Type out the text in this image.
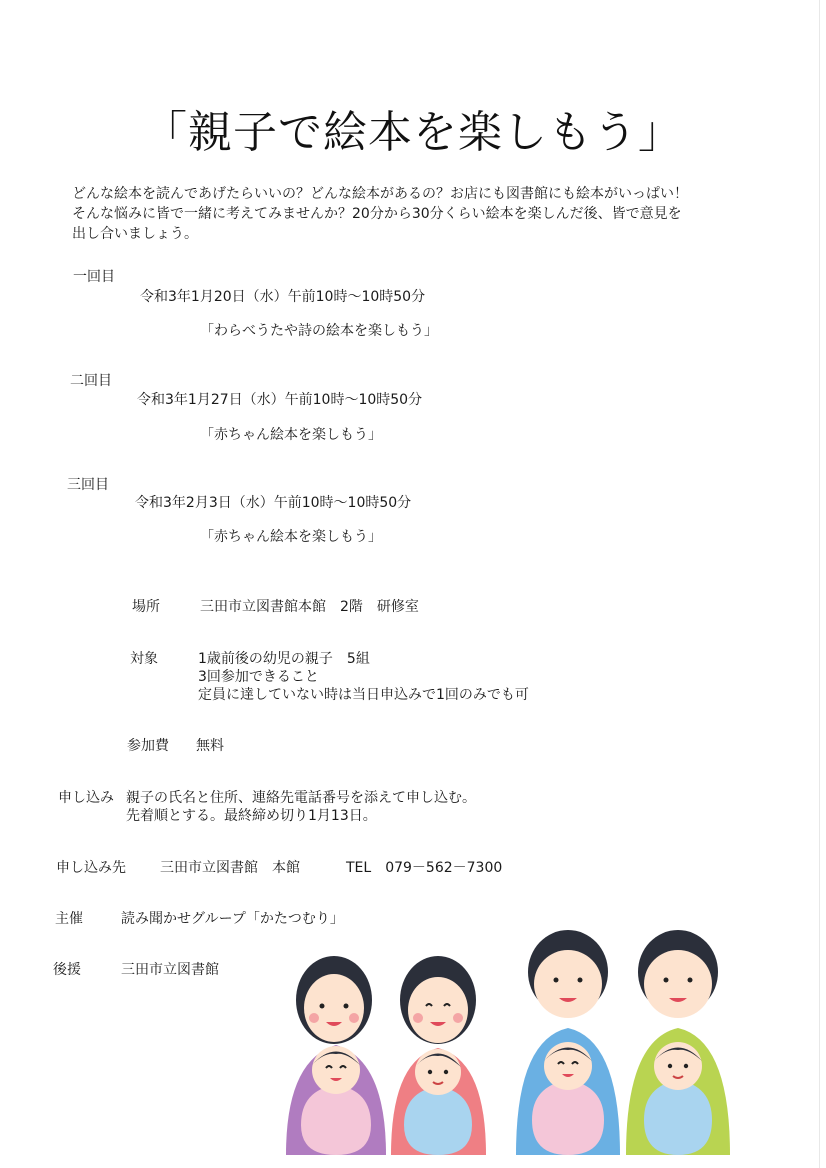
「親子で絵本を楽しもう」
どんな絵本を読んであげたらいいの？どんな絵本があるの？お店にも図書館にも絵本がいっぱい！
そんな悩みに皆で一緒に考えてみませんか？20分から30分くらい絵本を楽しんだ後、皆で意見を
出し合いましょう。
一回目
令和3年1月20日（水）午前10時～10時50分
「わらべうたや詩の絵本を楽しもう」
二回目
令和3年1月27日（水）午前10時～10時50分
「赤ちゃん絵本を楽しもう」
三回目
令和3年2月3日（水）午前10時～10時50分
「赤ちゃん絵本を楽しもう」
場所	三田市立図書館本館　2階　研修室
対象	1歳前後の幼児の親子　5組
3回参加できること
定員に達していない時は当日申込みで1回のみでも可
参加費 無料
申し込み 親子の氏名と住所、連絡先電話番号を添えて申し込む。
先着順とする。最終締め切り1月13日。
申し込み先 三田市立図書館　本館	TEL　079－562－7300
主催	読み聞かせグループ「かたつむり」
後援	三田市立図書館
